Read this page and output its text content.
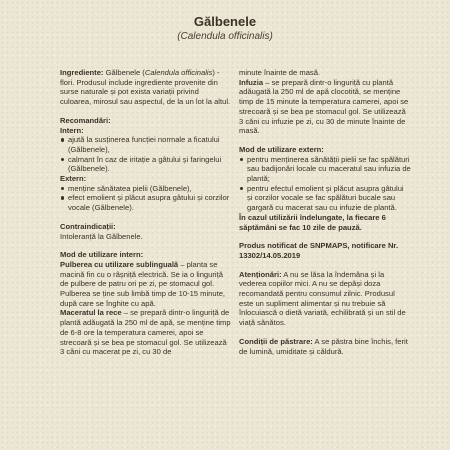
Gălbenele
(Calendula officinalis)

Ingrediente: Gălbenele (Calendula officinalis) - flori. Produsul include ingrediente provenite din surse naturale și pot exista variații privind culoarea, mirosul sau aspectul, de la un lot la altul.

Recomandări:

Intern:

ajută la susținerea funcției normale a ficatului (Gălbenele),
calmant în caz de iritație a gâtului și faringelui (Gălbenele).

Extern:

menține sănătatea pielii (Gălbenele),
efect emolient și plăcut asupra gâtului și corzilor vocale (Gălbenele).

Contraindicații:

Intoleranță la Gălbenele.

Mod de utilizare intern:

Pulberea cu utilizare sublinguală – planta se macină fin cu o râșniță electrică. Se ia o linguriță de pulbere de patru ori pe zi, pe stomacul gol. Pulberea se ține sub limbă timp de 10-15 minute, după care se înghite cu apă.

Maceratul la rece – se prepară dintr-o linguriță de plantă adăugată la 250 ml de apă, se menține timp de 6-8 ore la temperatura camerei, apoi se strecoară și se bea pe stomacul gol. Se utilizează 3 căni cu macerat pe zi, cu 30 de

minute înainte de masă.

Infuzia – se prepară dintr-o linguriță cu plantă adăugată la 250 ml de apă clocotită, se menține timp de 15 minute la temperatura camerei, apoi se strecoară și se bea pe stomacul gol. Se utilizează 3 căni cu infuzie pe zi, cu 30 de minute înainte de masă.

Mod de utilizare extern:

pentru menținerea sănătății pielii se fac spălături sau badijonări locale cu maceratul sau infuzia de plantă;
pentru efectul emolient și plăcut asupra gâtului și corzilor vocale se fac spălături bucale sau gargară cu macerat sau cu infuzie de plantă.

În cazul utilizării îndelungate, la fiecare 6 săptămâni se fac 10 zile de pauză.

Produs notificat de SNPMAPS, notificare Nr. 13302/14.05.2019

Atenționări: A nu se lăsa la îndemâna și la vederea copiilor mici. A nu se depăși doza recomandată pentru consumul zilnic. Produsul este un supliment alimentar și nu trebuie să înlocuiască o dietă variată, echilibrată și un stil de viață sănătos.

Condiții de păstrare: A se păstra bine închis, ferit de lumină, umiditate și căldură.
